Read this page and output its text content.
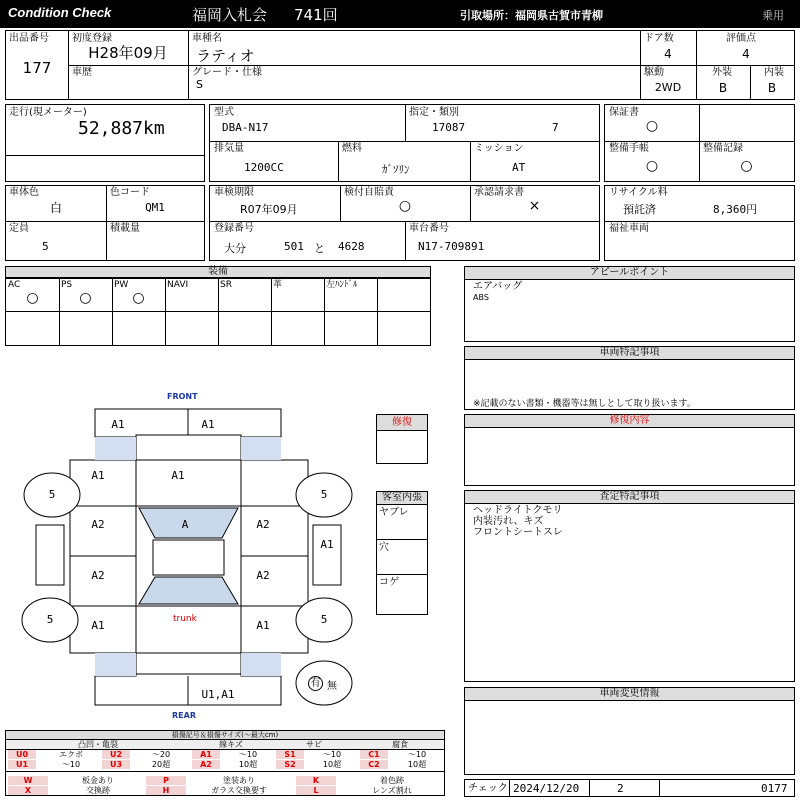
Condition Check	福岡入札会 741回	引取場所：福岡県古賀市青柳	乗用
出品番号
177
初度登録
H28年09月
車種名
ラティオ
ドア数
4
評価点
4
車歴	グレード・仕様
S
駆動
2WD
外装
B
内装
B
走行(現メーター)
52,887km
型式
DBA-N17
指定・類別
17087	7
排気量
1200CC
燃料
ｶﾞｿﾘﾝ
ミッション
AT
保証書
○
整備手帳
○
整備記録
○
車体色
白
色コード
QM1
定員
5
積載量
車検期限
R07年09月
検付自賠責
○
承認請求書
×
登録番号
大分	501 と 4628
車台番号
N17-709891
リサイクル料
預託済	8,360円
福祉車両
装備
AC
○
PS
○
PW
○
NAVI	SR	革	左ﾊﾝﾄﾞﾙ
アピールポイント
エアバッグ
ABS
車両特記事項
※記載のない書類・機器等は無しとして取り扱います。
修復内容
査定特記事項
ヘッドライトクモリ
内装汚れ、キズ
フロントシートスレ
車両変更情報
チェック 2024/12/20	2	0177
修復
客室内張
ヤブレ
穴
コゲ
FRONT
REAR
5	5
5	5
A1	A1
A1
A1
A2
A2
A1
A2
A2
A1
A
A1
trunk
U1,A1
有 無
損傷記号＆損傷サイズ(〜最大cm)
凸凹・亀裂	線キズ	サビ	腐食
U0	エクボ	U2	〜20
U1	〜10	U3	20超
A1	〜10
A2	10超
S1	〜10
S2	10超
C1	〜10
C2	10超
W	板金あり	P	塗装あり	K	着色跡
X	交換跡	H	ガラス交換要す	L	レンズ割れ
